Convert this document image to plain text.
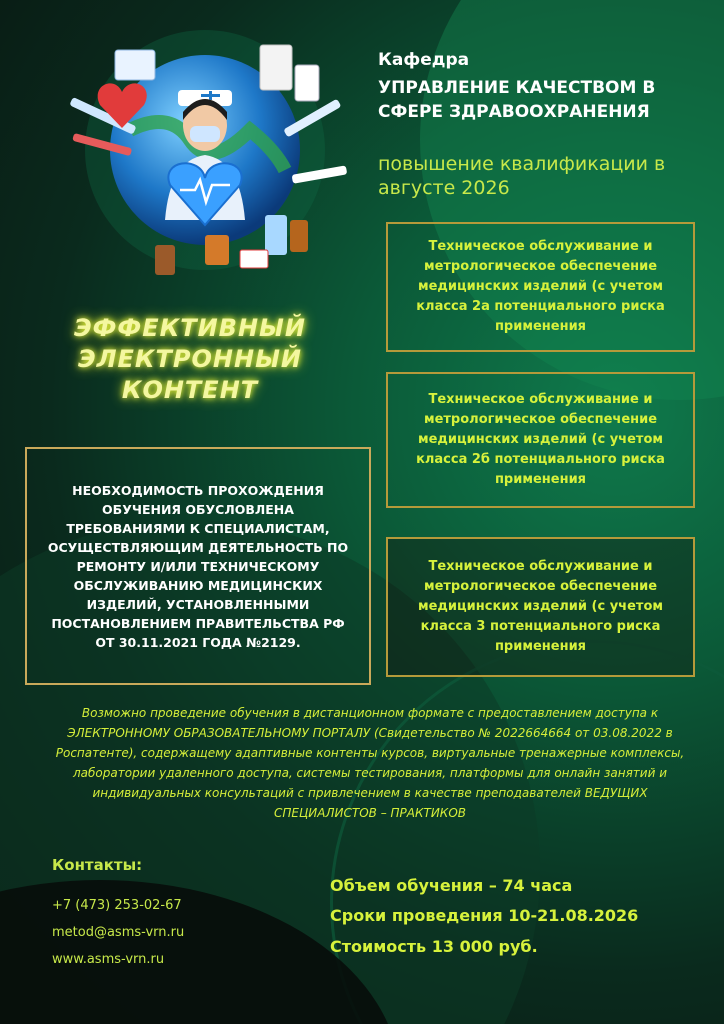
Кафедра
УПРАВЛЕНИЕ КАЧЕСТВОМ В СФЕРЕ ЗДРАВООХРАНЕНИЯ
повышение квалификации в августе 2026
Техническое обслуживание и метрологическое обеспечение медицинских изделий (с учетом класса 2а потенциального риска применения
Техническое обслуживание и метрологическое обеспечение медицинских изделий (с учетом класса 2б потенциального риска применения
Техническое обслуживание и метрологическое обеспечение медицинских изделий (с учетом класса 3 потенциального риска применения
ЭФФЕКТИВНЫЙ ЭЛЕКТРОННЫЙ КОНТЕНТ
НЕОБХОДИМОСТЬ ПРОХОЖДЕНИЯ ОБУЧЕНИЯ ОБУСЛОВЛЕНА ТРЕБОВАНИЯМИ К СПЕЦИАЛИСТАМ, ОСУЩЕСТВЛЯЮЩИМ ДЕЯТЕЛЬНОСТЬ ПО РЕМОНТУ И/ИЛИ ТЕХНИЧЕСКОМУ ОБСЛУЖИВАНИЮ МЕДИЦИНСКИХ ИЗДЕЛИЙ, УСТАНОВЛЕННЫМИ ПОСТАНОВЛЕНИЕМ ПРАВИТЕЛЬСТВА РФ ОТ 30.11.2021 ГОДА №2129.
Возможно проведение обучения в дистанционном формате с предоставлением доступа к ЭЛЕКТРОННОМУ ОБРАЗОВАТЕЛЬНОМУ ПОРТАЛУ (Свидетельство № 2022664664 от 03.08.2022 в Роспатенте), содержащему адаптивные контенты курсов, виртуальные тренажерные комплексы, лаборатории удаленного доступа, системы тестирования, платформы для онлайн занятий и индивидуальных консультаций с привлечением в качестве преподавателей ВЕДУЩИХ СПЕЦИАЛИСТОВ – ПРАКТИКОВ
Контакты:
+7 (473) 253-02-67
metod@asms-vrn.ru
www.asms-vrn.ru
Объем обучения – 74 часа
Сроки проведения 10-21.08.2026
Стоимость 13 000 руб.
